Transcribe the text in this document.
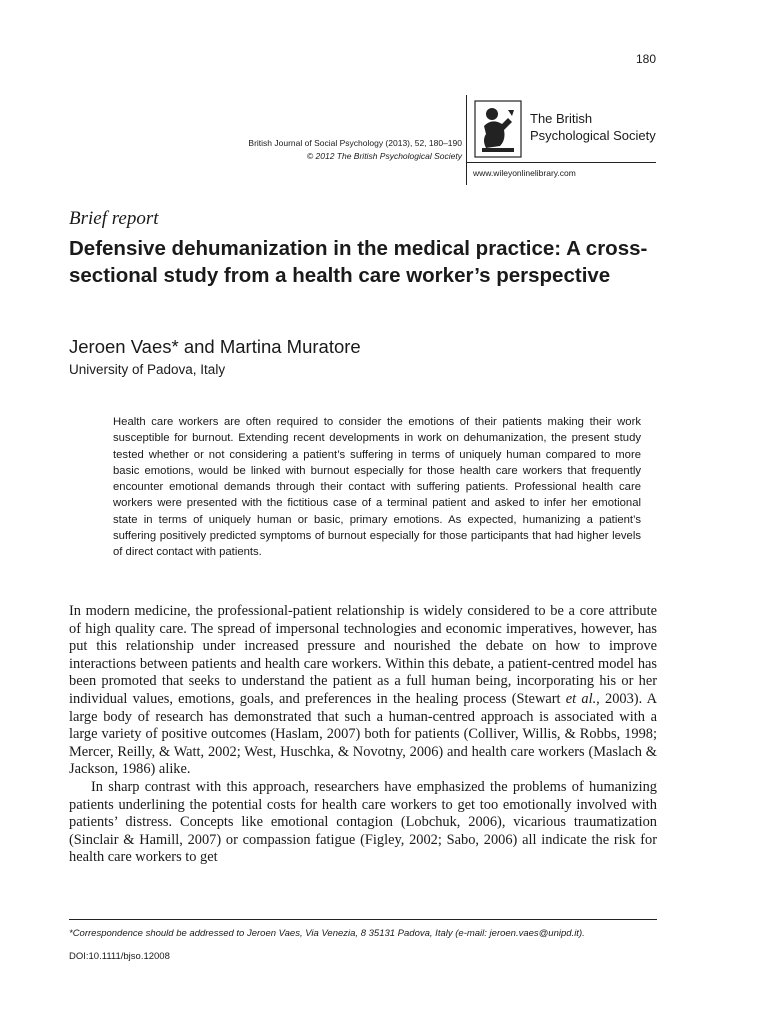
180
British Journal of Social Psychology (2013), 52, 180–190
© 2012 The British Psychological Society
The British
Psychological Society
www.wileyonlinelibrary.com
Brief report
Defensive dehumanization in the medical practice: A cross-sectional study from a health care worker’s perspective
Jeroen Vaes* and Martina Muratore
University of Padova, Italy
Health care workers are often required to consider the emotions of their patients making their work susceptible for burnout. Extending recent developments in work on dehumanization, the present study tested whether or not considering a patient’s suffering in terms of uniquely human compared to more basic emotions, would be linked with burnout especially for those health care workers that frequently encounter emotional demands through their contact with suffering patients. Professional health care workers were presented with the fictitious case of a terminal patient and asked to infer her emotional state in terms of uniquely human or basic, primary emotions. As expected, humanizing a patient’s suffering positively predicted symptoms of burnout especially for those participants that had higher levels of direct contact with patients.

In modern medicine, the professional-patient relationship is widely considered to be a core attribute of high quality care. The spread of impersonal technologies and economic imperatives, however, has put this relationship under increased pressure and nourished the debate on how to improve interactions between patients and health care workers. Within this debate, a patient-centred model has been promoted that seeks to understand the patient as a full human being, incorporating his or her individual values, emotions, goals, and preferences in the healing process (Stewart et al., 2003). A large body of research has demonstrated that such a human-centred approach is associated with a large variety of positive outcomes (Haslam, 2007) both for patients (Colliver, Willis, & Robbs, 1998; Mercer, Reilly, & Watt, 2002; West, Huschka, & Novotny, 2006) and health care workers (Maslach & Jackson, 1986) alike.

In sharp contrast with this approach, researchers have emphasized the problems of humanizing patients underlining the potential costs for health care workers to get too emotionally involved with patients’ distress. Concepts like emotional contagion (Lobchuk, 2006), vicarious traumatization (Sinclair & Hamill, 2007) or compassion fatigue (Figley, 2002; Sabo, 2006) all indicate the risk for health care workers to get

*Correspondence should be addressed to Jeroen Vaes, Via Venezia, 8 35131 Padova, Italy (e-mail: jeroen.vaes@unipd.it).
DOI:10.1111/bjso.12008
